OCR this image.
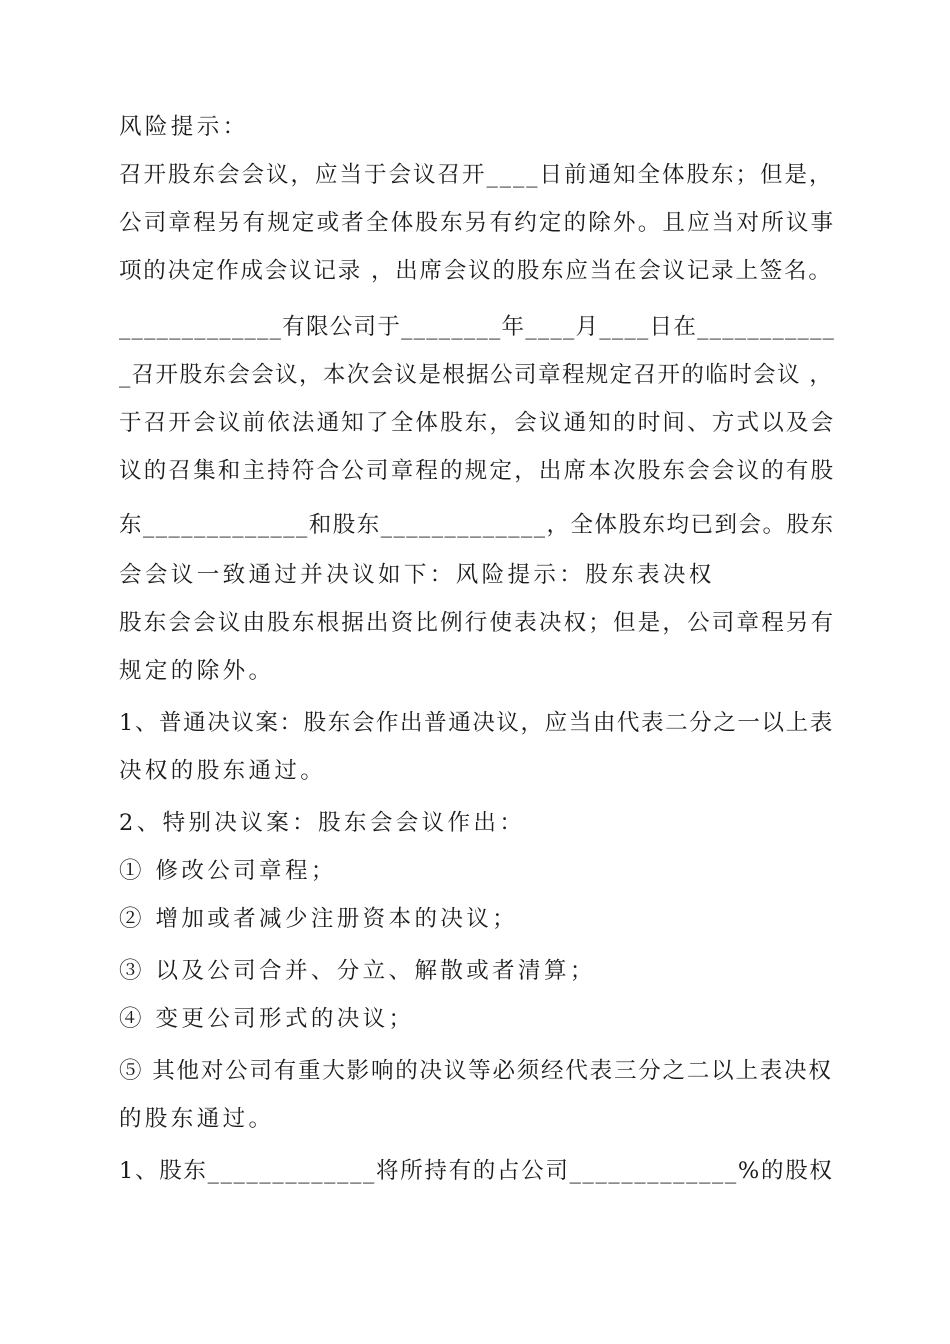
风险提示：
召开股东会会议，应当于会议召开____日前通知全体股东；但是，
公司章程另有规定或者全体股东另有约定的除外。且应当对所议事
项的决定作成会议记录 ，出席会议的股东应当在会议记录上签名。
_____________有限公司于________年____月____日在___________
_召开股东会会议，本次会议是根据公司章程规定召开的临时会议 ，
于召开会议前依法通知了全体股东，会议通知的时间、方式以及会
议的召集和主持符合公司章程的规定，出席本次股东会会议的有股
东_____________和股东_____________，全体股东均已到会。股东
会会议一致通过并决议如下：风险提示：股东表决权
股东会会议由股东根据出资比例行使表决权；但是，公司章程另有
规定的除外。
1、普通决议案：股东会作出普通决议，应当由代表二分之一以上表
决权的股东通过。
2、特别决议案：股东会会议作出：
① 修改公司章程；
② 增加或者减少注册资本的决议；
③ 以及公司合并、分立、解散或者清算；
④ 变更公司形式的决议；
⑤ 其他对公司有重大影响的决议等必须经代表三分之二以上表决权
的股东通过。
1、股东_____________将所持有的占公司_____________%的股权
